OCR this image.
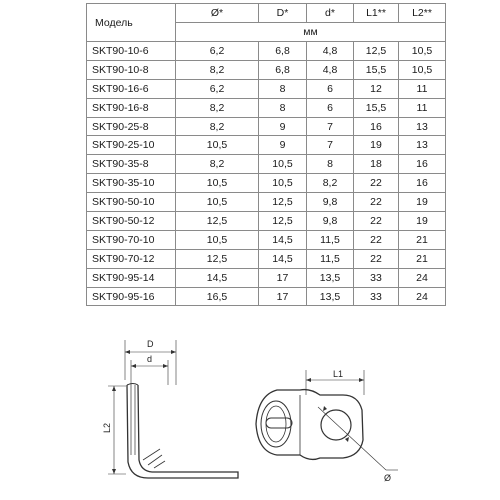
Модель	Ø*	D*	d*	L1**	L2**
	мм				
SKT90-10-6	6,2	6,8	4,8	12,5	10,5
SKT90-10-8	8,2	6,8	4,8	15,5	10,5
SKT90-16-6	6,2	8	6	12	11
SKT90-16-8	8,2	8	6	15,5	11
SKT90-25-8	8,2	9	7	16	13
SKT90-25-10	10,5	9	7	19	13
SKT90-35-8	8,2	10,5	8	18	16
SKT90-35-10	10,5	10,5	8,2	22	16
SKT90-50-10	10,5	12,5	9,8	22	19
SKT90-50-12	12,5	12,5	9,8	22	19
SKT90-70-10	10,5	14,5	11,5	22	21
SKT90-70-12	12,5	14,5	11,5	22	21
SKT90-95-14	14,5	17	13,5	33	24
SKT90-95-16	16,5	17	13,5	33	24
D
d
L2
L1
Ø
